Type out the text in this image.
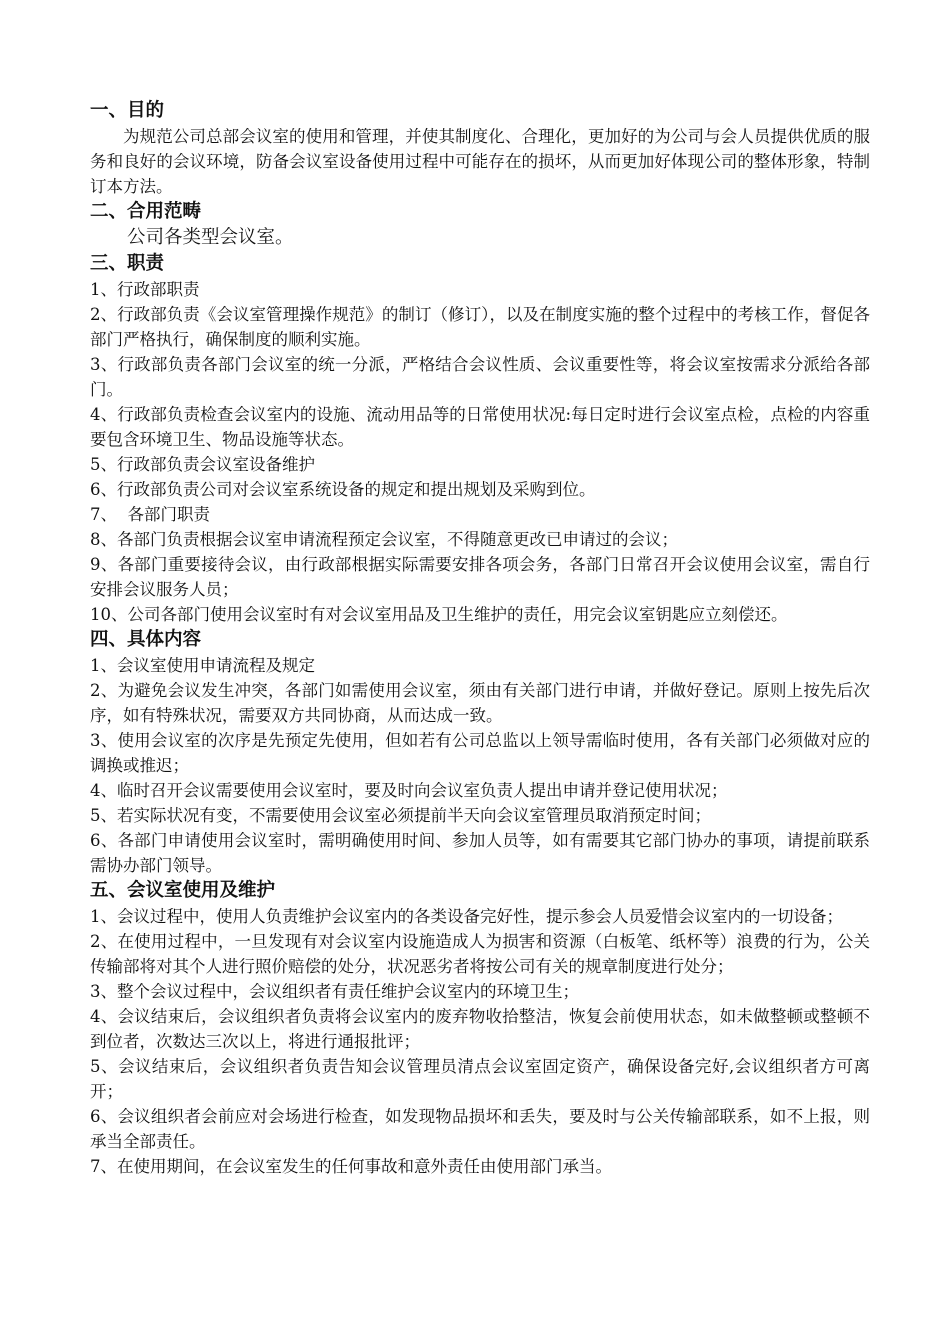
一、目的

为规范公司总部会议室的使用和管理，并使其制度化、合理化，更加好的为公司与会人员提供优质的服务和良好的会议环境，防备会议室设备使用过程中可能存在的损坏，从而更加好体现公司的整体形象，特制订本方法。

二、合用范畴

公司各类型会议室。

三、职责

1、行政部职责

2、行政部负责《会议室管理操作规范》的制订（修订），以及在制度实施的整个过程中的考核工作，督促各部门严格执行，确保制度的顺利实施。

3、行政部负责各部门会议室的统一分派，严格结合会议性质、会议重要性等，将会议室按需求分派给各部门。

4、行政部负责检查会议室内的设施、流动用品等的日常使用状况:每日定时进行会议室点检，点检的内容重要包含环境卫生、物品设施等状态。

5、行政部负责会议室设备维护

6、行政部负责公司对会议室系统设备的规定和提出规划及采购到位。

7、  各部门职责

8、各部门负责根据会议室申请流程预定会议室，不得随意更改已申请过的会议；

9、各部门重要接待会议，由行政部根据实际需要安排各项会务，各部门日常召开会议使用会议室，需自行安排会议服务人员；

10、公司各部门使用会议室时有对会议室用品及卫生维护的责任，用完会议室钥匙应立刻偿还。

四、具体内容

1、会议室使用申请流程及规定

2、为避免会议发生冲突，各部门如需使用会议室，须由有关部门进行申请，并做好登记。原则上按先后次序，如有特殊状况，需要双方共同协商，从而达成一致。

3、使用会议室的次序是先预定先使用，但如若有公司总监以上领导需临时使用，各有关部门必须做对应的调换或推迟；

4、临时召开会议需要使用会议室时，要及时向会议室负责人提出申请并登记使用状况；

5、若实际状况有变，不需要使用会议室必须提前半天向会议室管理员取消预定时间；

6、各部门申请使用会议室时，需明确使用时间、参加人员等，如有需要其它部门协办的事项，请提前联系需协办部门领导。

五、会议室使用及维护

1、会议过程中，使用人负责维护会议室内的各类设备完好性，提示参会人员爱惜会议室内的一切设备；

2、在使用过程中，一旦发现有对会议室内设施造成人为损害和资源（白板笔、纸杯等）浪费的行为，公关传输部将对其个人进行照价赔偿的处分，状况恶劣者将按公司有关的规章制度进行处分；

3、整个会议过程中，会议组织者有责任维护会议室内的环境卫生；

4、会议结束后，会议组织者负责将会议室内的废弃物收拾整洁，恢复会前使用状态，如未做整顿或整顿不到位者，次数达三次以上，将进行通报批评；

5、会议结束后，会议组织者负责告知会议管理员清点会议室固定资产，确保设备完好,会议组织者方可离开；

6、会议组织者会前应对会场进行检查，如发现物品损坏和丢失，要及时与公关传输部联系，如不上报，则承当全部责任。

7、在使用期间，在会议室发生的任何事故和意外责任由使用部门承当。
